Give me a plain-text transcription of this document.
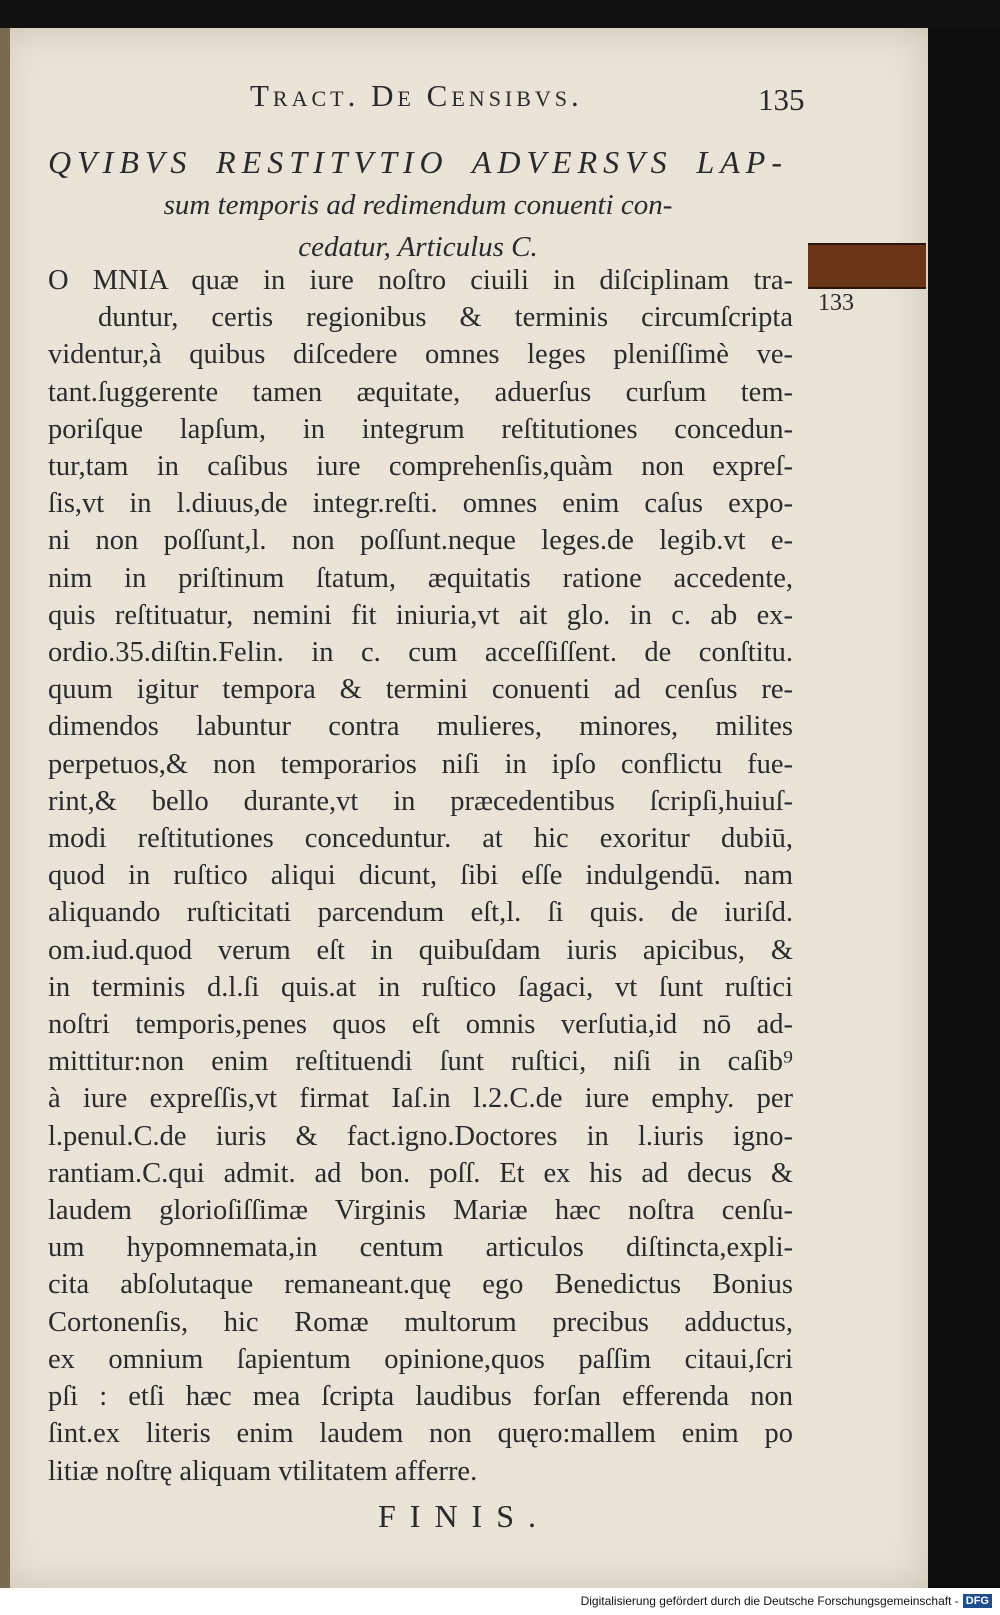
Tract. De Censibvs.	135
133
QVIBVS RESTITVTIO ADVERSVS LAP-
sum temporis ad redimendum conuenti con-
cedatur, Articulus C.
O MNIA quæ in iure noſtro ciuili in diſciplinam tra-
duntur, certis regionibus & terminis circumſcripta
videntur,à quibus diſcedere omnes leges pleniſſimè ve-
tant.ſuggerente tamen æquitate, aduerſus curſum tem-
poriſque lapſum, in integrum reſtitutiones concedun-
tur,tam in caſibus iure comprehenſis,quàm non expreſ-
ſis,vt in l.diuus,de integr.reſti. omnes enim caſus expo-
ni non poſſunt,l. non poſſunt.neque leges.de legib.vt e-
nim in priſtinum ſtatum, æquitatis ratione accedente,
quis reſtituatur, nemini fit iniuria,vt ait glo. in c. ab ex-
ordio.35.diſtin.Felin. in c. cum acceſſiſſent. de conſtitu.
quum igitur tempora & termini conuenti ad cenſus re-
dimendos labuntur contra mulieres, minores, milites
perpetuos,& non temporarios niſi in ipſo conflictu fue-
rint,& bello durante,vt in præcedentibus ſcripſi,huiuſ-
modi reſtitutiones conceduntur. at hic exoritur dubiū,
quod in ruſtico aliqui dicunt, ſibi eſſe indulgendū. nam
aliquando ruſticitati parcendum eſt,l. ſi quis. de iuriſd.
om.iud.quod verum eſt in quibuſdam iuris apicibus, &
in terminis d.l.ſi quis.at in ruſtico ſagaci, vt ſunt ruſtici
noſtri temporis,penes quos eſt omnis verſutia,id nō ad-
mittitur:non enim reſtituendi ſunt ruſtici, niſi in caſib⁹
à iure expreſſis,vt firmat Iaſ.in l.2.C.de iure emphy. per
l.penul.C.de iuris & fact.igno.Doctores in l.iuris igno-
rantiam.C.qui admit. ad bon. poſſ. Et ex his ad decus &
laudem glorioſiſſimæ Virginis Mariæ hæc noſtra cenſu-
um hypomnemata,in centum articulos diſtincta,expli-
cita abſolutaque remaneant.quę ego Benedictus Bonius
Cortonenſis, hic Romæ multorum precibus adductus,
ex omnium ſapientum opinione,quos paſſim citaui,ſcri
pſi : etſi hæc mea ſcripta laudibus forſan efferenda non
ſint.ex literis enim laudem non quęro:mallem enim po
litiæ noſtrę aliquam vtilitatem afferre.
FINIS.
Digitalisierung gefördert durch die Deutsche Forschungsgemeinschaft - DFG
